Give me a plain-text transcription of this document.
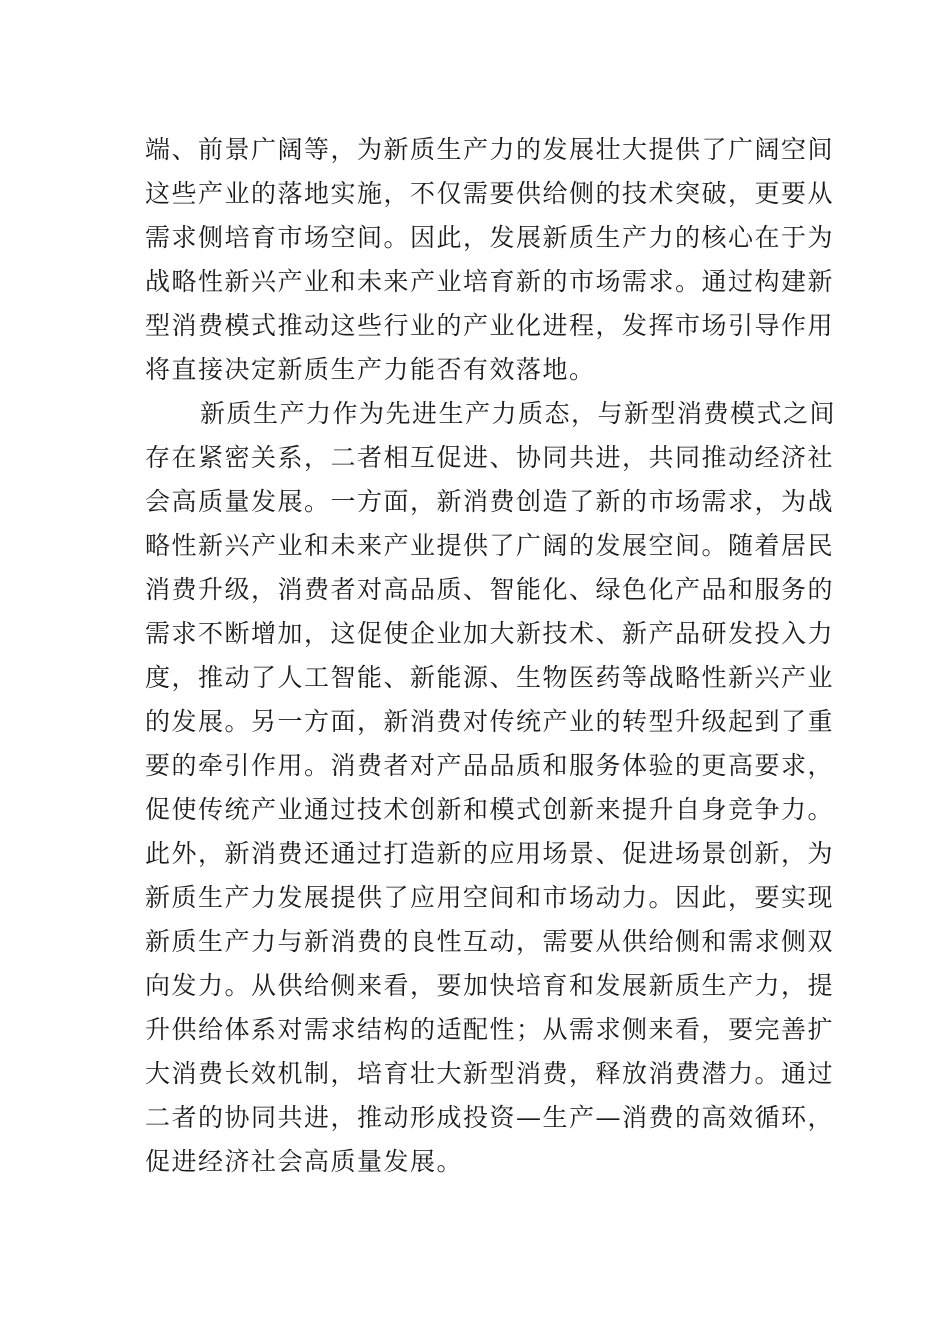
端、前景广阔等，为新质生产力的发展壮大提供了广阔空间
这些产业的落地实施，不仅需要供给侧的技术突破，更要从
需求侧培育市场空间。因此，发展新质生产力的核心在于为
战略性新兴产业和未来产业培育新的市场需求。通过构建新
型消费模式推动这些行业的产业化进程，发挥市场引导作用
将直接决定新质生产力能否有效落地。
新质生产力作为先进生产力质态，与新型消费模式之间
存在紧密关系，二者相互促进、协同共进，共同推动经济社
会高质量发展。一方面，新消费创造了新的市场需求，为战
略性新兴产业和未来产业提供了广阔的发展空间。随着居民
消费升级，消费者对高品质、智能化、绿色化产品和服务的
需求不断增加，这促使企业加大新技术、新产品研发投入力
度，推动了人工智能、新能源、生物医药等战略性新兴产业
的发展。另一方面，新消费对传统产业的转型升级起到了重
要的牵引作用。消费者对产品品质和服务体验的更高要求，
促使传统产业通过技术创新和模式创新来提升自身竞争力。
此外，新消费还通过打造新的应用场景、促进场景创新，为
新质生产力发展提供了应用空间和市场动力。因此，要实现
新质生产力与新消费的良性互动，需要从供给侧和需求侧双
向发力。从供给侧来看，要加快培育和发展新质生产力，提
升供给体系对需求结构的适配性；从需求侧来看，要完善扩
大消费长效机制，培育壮大新型消费，释放消费潜力。通过
二者的协同共进，推动形成投资—生产—消费的高效循环，
促进经济社会高质量发展。
